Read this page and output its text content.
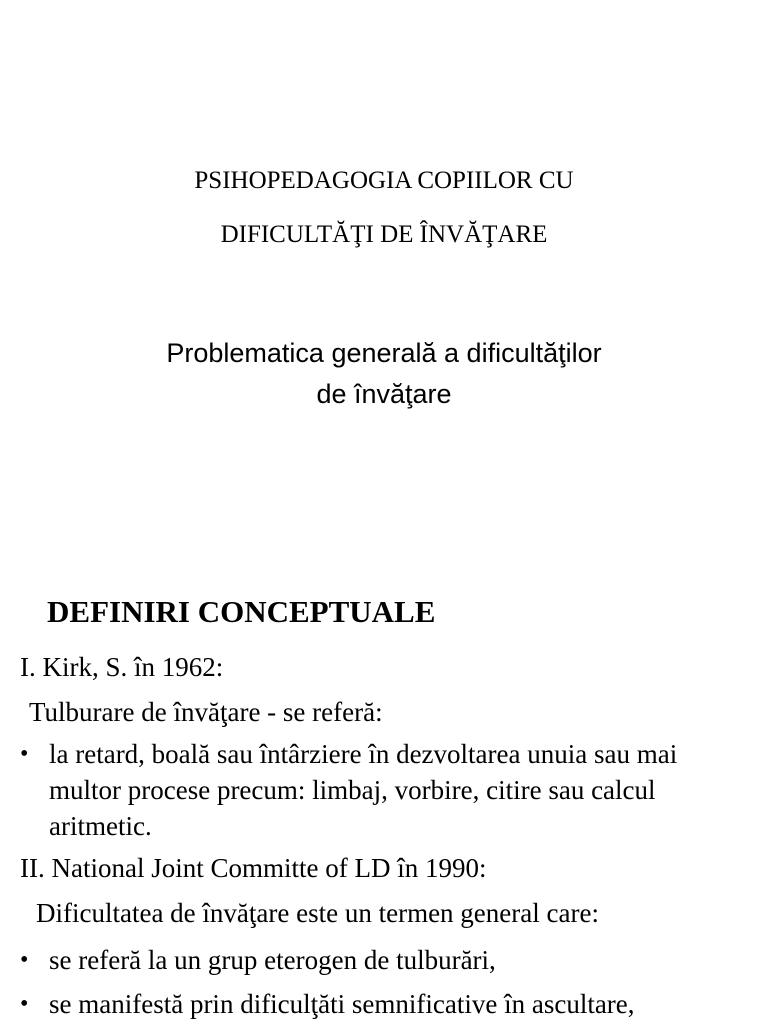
PSIHOPEDAGOGIA COPIILOR CU
DIFICULTĂŢI DE ÎNVĂŢARE
Problematica generală a dificultăţilor
de învăţare
DEFINIRI CONCEPTUALE
I. Kirk, S. în 1962:
Tulburare de învăţare - se referă:
• la retard, boală sau întârziere în dezvoltarea unuia sau mai
multor procese precum: limbaj, vorbire, citire sau calcul
aritmetic.
II. National Joint Committe of LD în 1990:
Dificultatea de învăţare este un termen general care:
• se referă la un grup eterogen de tulburări,
• se manifestă prin dificulţăti semnificative în ascultare,
